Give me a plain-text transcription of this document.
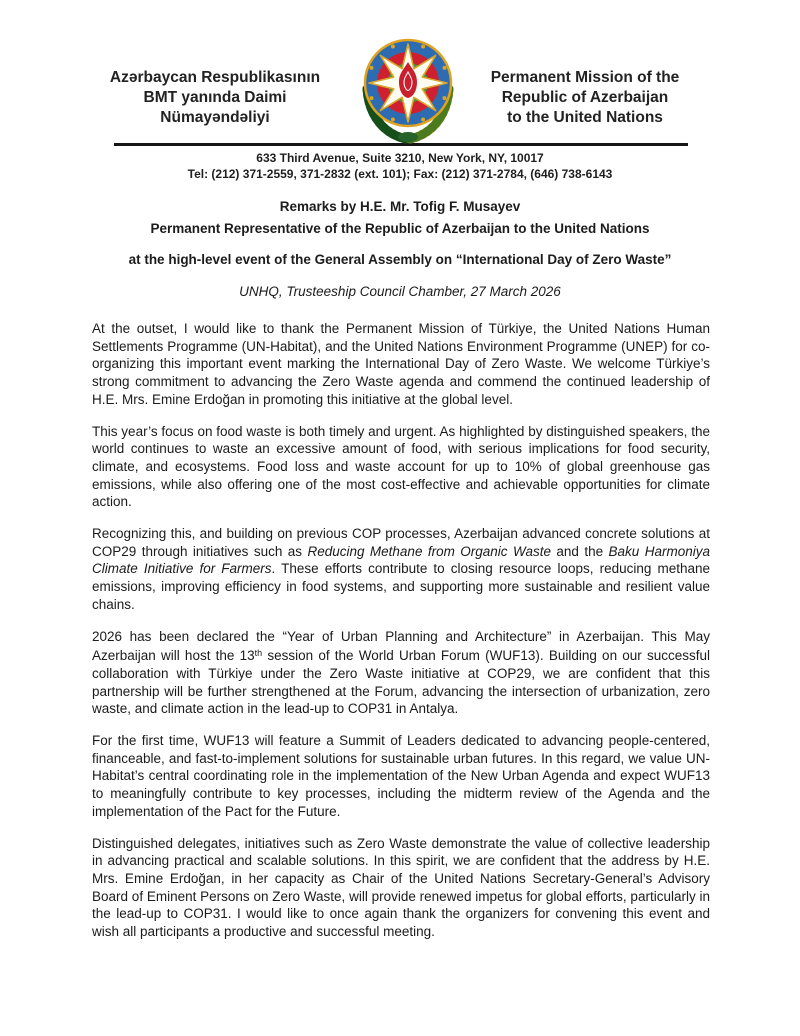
Azərbaycan Respublikasının
BMT yanında Daimi
Nümayəndəliyi
Permanent Mission of the
Republic of Azerbaijan
to the United Nations
633 Third Avenue, Suite 3210, New York, NY, 10017
Tel: (212) 371-2559, 371-2832 (ext. 101); Fax: (212) 371-2784, (646) 738-6143
Remarks by H.E. Mr. Tofig F. Musayev
Permanent Representative of the Republic of Azerbaijan to the United Nations
at the high-level event of the General Assembly on “International Day of Zero Waste”
UNHQ, Trusteeship Council Chamber, 27 March 2026

At the outset, I would like to thank the Permanent Mission of Türkiye, the United Nations Human Settlements Programme (UN-Habitat), and the United Nations Environment Programme (UNEP) for co-organizing this important event marking the International Day of Zero Waste. We welcome Türkiye’s strong commitment to advancing the Zero Waste agenda and commend the continued leadership of H.E. Mrs. Emine Erdoğan in promoting this initiative at the global level.

This year’s focus on food waste is both timely and urgent. As highlighted by distinguished speakers, the world continues to waste an excessive amount of food, with serious implications for food security, climate, and ecosystems. Food loss and waste account for up to 10% of global greenhouse gas emissions, while also offering one of the most cost-effective and achievable opportunities for climate action.

Recognizing this, and building on previous COP processes, Azerbaijan advanced concrete solutions at COP29 through initiatives such as Reducing Methane from Organic Waste and the Baku Harmoniya Climate Initiative for Farmers. These efforts contribute to closing resource loops, reducing methane emissions, improving efficiency in food systems, and supporting more sustainable and resilient value chains.

2026 has been declared the “Year of Urban Planning and Architecture” in Azerbaijan. This May Azerbaijan will host the 13th session of the World Urban Forum (WUF13). Building on our successful collaboration with Türkiye under the Zero Waste initiative at COP29, we are confident that this partnership will be further strengthened at the Forum, advancing the intersection of urbanization, zero waste, and climate action in the lead-up to COP31 in Antalya.

For the first time, WUF13 will feature a Summit of Leaders dedicated to advancing people-centered, financeable, and fast-to-implement solutions for sustainable urban futures. In this regard, we value UN-Habitat’s central coordinating role in the implementation of the New Urban Agenda and expect WUF13 to meaningfully contribute to key processes, including the midterm review of the Agenda and the implementation of the Pact for the Future.

Distinguished delegates, initiatives such as Zero Waste demonstrate the value of collective leadership in advancing practical and scalable solutions. In this spirit, we are confident that the address by H.E. Mrs. Emine Erdoğan, in her capacity as Chair of the United Nations Secretary-General’s Advisory Board of Eminent Persons on Zero Waste, will provide renewed impetus for global efforts, particularly in the lead-up to COP31. I would like to once again thank the organizers for convening this event and wish all participants a productive and successful meeting.
